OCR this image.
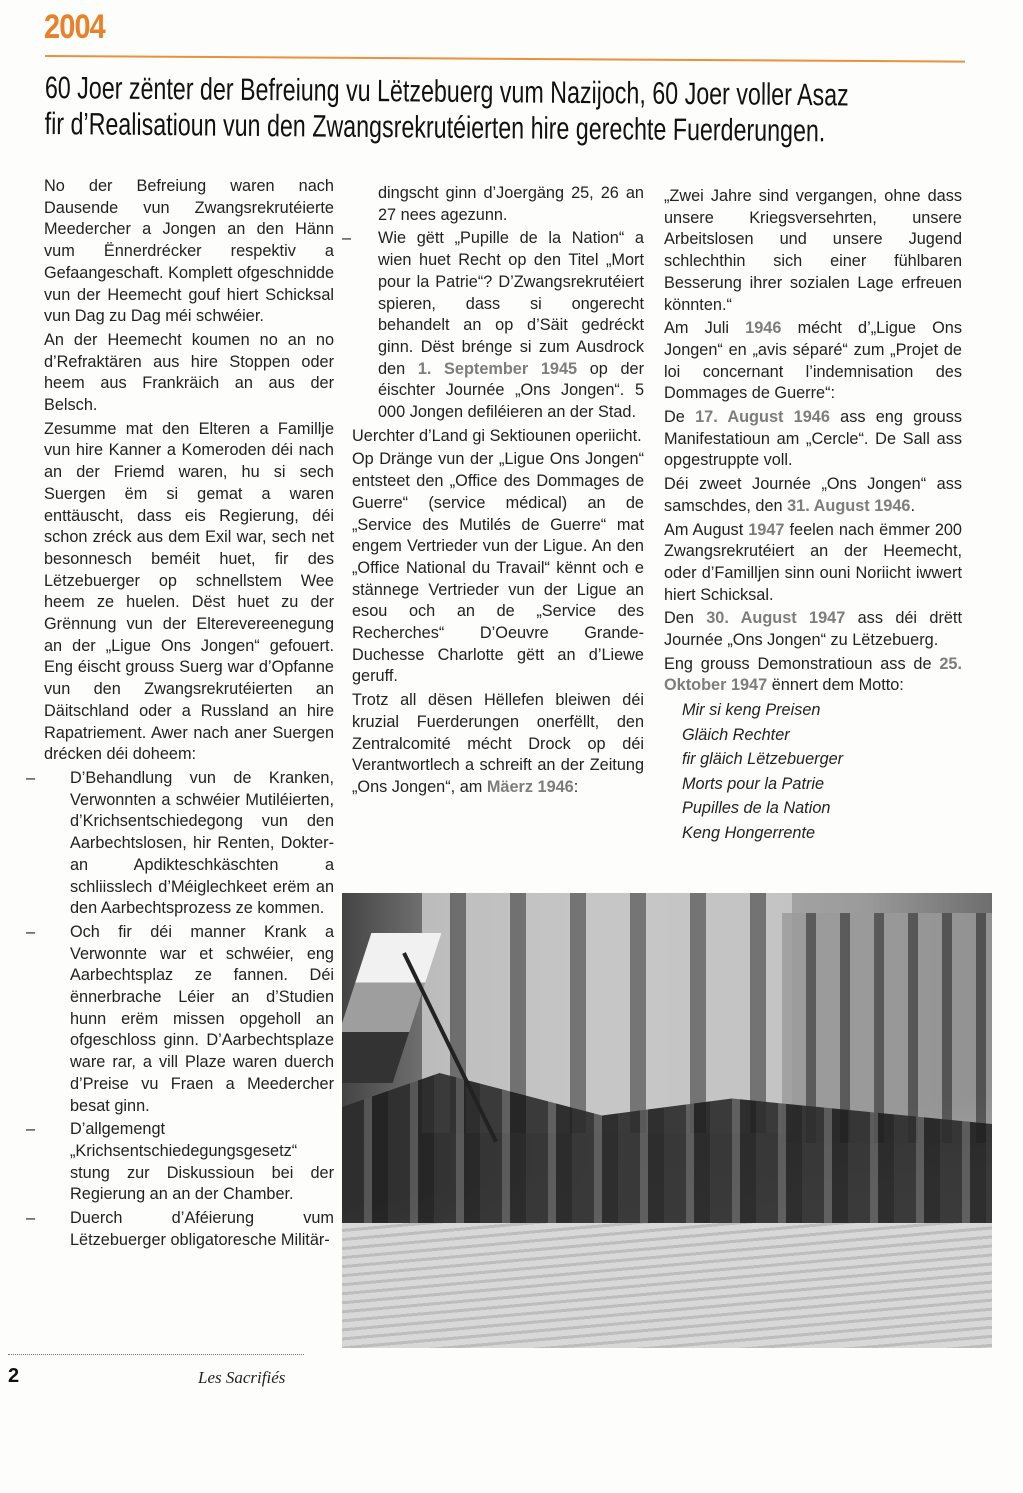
2004
60 Joer zënter der Befreiung vu Lëtzebuerg vum Nazijoch, 60 Joer voller Asaz
fir d’Realisatioun vun den Zwangsrekrutéierten hire gerechte Fuerderungen.

No der Befreiung waren nach Dausende vun Zwangsrekrutéierte Meedercher a Jongen an den Hänn vum Ënnerdrécker respektiv a Gefaangeschaft. Komplett ofgeschnidde vun der Heemecht gouf hiert Schicksal vun Dag zu Dag méi schwéier.

An der Heemecht koumen no an no d’Refraktären aus hire Stoppen oder heem aus Frankräich an aus der Belsch.

Zesumme mat den Elteren a Familljе vun hire Kanner a Komeroden déi nach an der Friemd waren, hu si sech Suergen ëm si gemat a waren enttäuscht, dass eis Regierung, déi schon zréck aus dem Exil war, sech net besonnesch beméit huet, fir des Lëtzebuerger op schnellstem Wee heem ze huelen. Dëst huet zu der Grënnung vun der Elterevereenegung an der „Ligue Ons Jongen“ gefouert. Eng éischt grouss Suerg war d’Opfanne vun den Zwangsrekrutéierten an Däitschland oder a Russland an hire Rapatriement. Awer nach aner Suergen drécken déi doheem:

– D’Behandlung vun de Kranken, Verwonnten a schwéier Mutiléierten, d’Krichsentschiedegong vun den Aarbechtslosen, hir Renten, Dokter- an Apdikteschkäschten a schliisslech d’Méiglechkeet erëm an den Aarbechtsprozess ze kommen.

– Och fir déi manner Krank a Verwonnte war et schwéier, eng Aarbechtsplaz ze fannen. Déi ënnerbrache Léier an d’Studien hunn erëm missen opgeholl an ofgeschloss ginn. D’Aarbechtsplaze ware rar, a vill Plaze waren duerch d’Preise vu Fraen a Meedercher besat ginn.

– D’allgemengt „Krichsentschiedegungsgesetz“ stung zur Diskussioun bei der Regierung an an der Chamber.

– Duerch d’Aféierung vum Lëtzebuerger obligatoresche Militär-

dingscht ginn d’Joergäng 25, 26 an 27 nees agezunn.

– Wie gëtt „Pupille de la Nation“ a wien huet Recht op den Titel „Mort pour la Patrie“? D’Zwangsrekrutéiert spieren, dass si ongerecht behandelt an op d’Säit gedréckt ginn. Dëst brénge si zum Ausdrock den 1. September 1945 op der éischter Journée „Ons Jongen“. 5 000 Jongen defiléieren an der Stad.

Uerchter d’Land gi Sektiounen operiicht.

Op Dränge vun der „Ligue Ons Jongen“ entsteet den „Office des Dommages de Guerre“ (service médical) an de „Service des Mutilés de Guerre“ mat engem Vertrieder vun der Ligue. An den „Office National du Travail“ kënnt och e stännege Vertrieder vun der Ligue an esou och an de „Service des Recherches“ D’Oeuvre Grande-Duchesse Charlotte gëtt an d’Liewe geruff.

Trotz all dësen Hëllefen bleiwen déi kruzial Fuerderungen onerfëllt, den Zentralcomité mécht Drock op déi Verantwortlech a schreift an der Zeitung „Ons Jongen“, am Mäerz 1946:

„Zwei Jahre sind vergangen, ohne dass unsere Kriegsversehrten, unsere Arbeitslosen und unsere Jugend schlechthin sich einer fühlbaren Besserung ihrer sozialen Lage erfreuen könnten.“

Am Juli 1946 mécht d’„Ligue Ons Jongen“ en „avis séparé“ zum „Projet de loi concernant l’indemnisation des Dommages de Guerre“:

De 17. August 1946 ass eng grouss Manifestatioun am „Cercle“. De Sall ass opgestruppte voll.

Déi zweet Journée „Ons Jongen“ ass samschdes, den 31. August 1946.

Am August 1947 feelen nach ëmmer 200 Zwangsrekrutéiert an der Heemecht, oder d’Familljen sinn ouni Noriicht iwwert hiert Schicksal.

Den 30. August 1947 ass déi drëtt Journée „Ons Jongen“ zu Lëtzebuerg.

Eng grouss Demonstratioun ass de 25. Oktober 1947 ënnert dem Motto:

Mir si keng Preisen

Gläich Rechter

fir gläich Lëtzebuerger

Morts pour la Patrie

Pupilles de la Nation

Keng Hongerrente

2	Les Sacrifiés
